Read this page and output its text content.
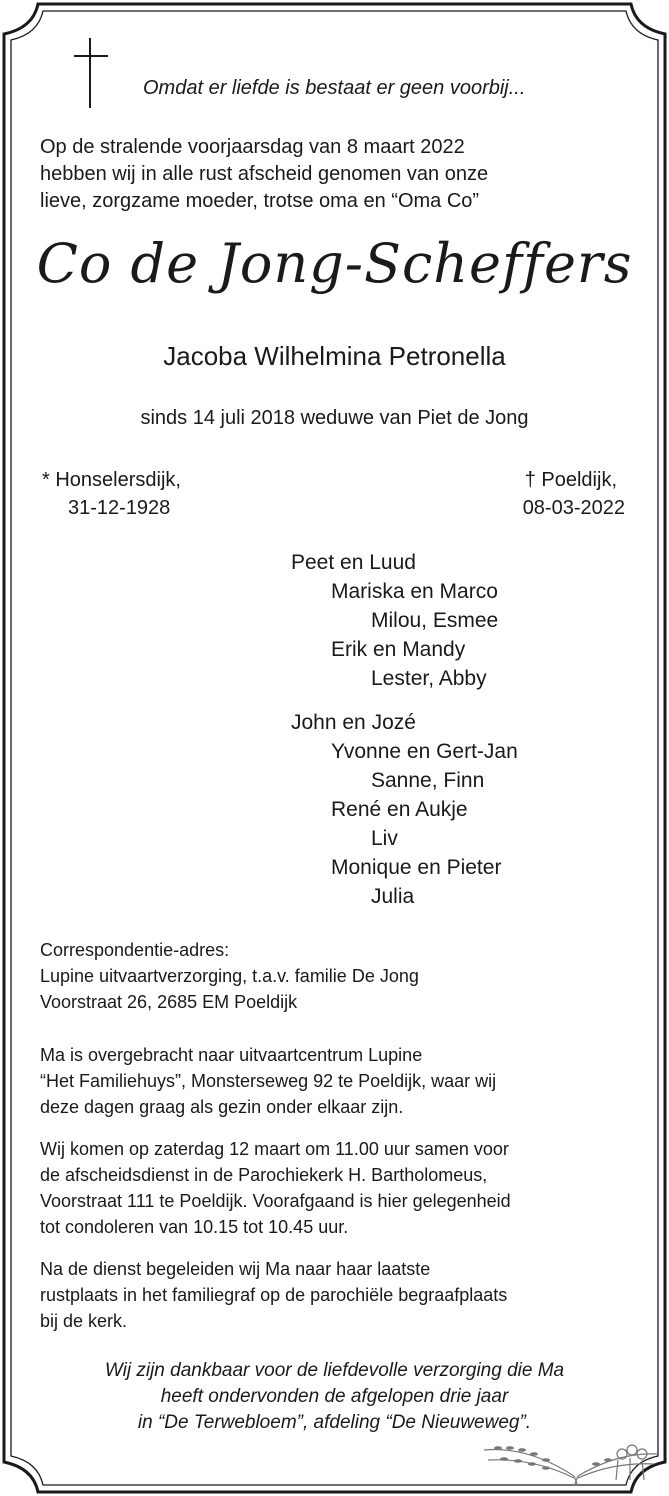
Omdat er liefde is bestaat er geen voorbij...
Op de stralende voorjaarsdag van 8 maart 2022
hebben wij in alle rust afscheid genomen van onze
lieve, zorgzame moeder, trotse oma en “Oma Co”
Co de Jong-Scheffers
Jacoba Wilhelmina Petronella
sinds 14 juli 2018 weduwe van Piet de Jong
* Honselersdijk,
31-12-1928
† Poeldijk,
08-03-2022
Peet en Luud
Mariska en Marco
Milou, Esmee
Erik en Mandy
Lester, Abby
John en Jozé
Yvonne en Gert-Jan
Sanne, Finn
René en Aukje
Liv
Monique en Pieter
Julia
Correspondentie-adres:
Lupine uitvaartverzorging, t.a.v. familie De Jong
Voorstraat 26, 2685 EM Poeldijk
Ma is overgebracht naar uitvaartcentrum Lupine
“Het Familiehuys”, Monsterseweg 92 te Poeldijk, waar wij
deze dagen graag als gezin onder elkaar zijn.
Wij komen op zaterdag 12 maart om 11.00 uur samen voor
de afscheidsdienst in de Parochiekerk H. Bartholomeus,
Voorstraat 111 te Poeldijk. Voorafgaand is hier gelegenheid
tot condoleren van 10.15 tot 10.45 uur.
Na de dienst begeleiden wij Ma naar haar laatste
rustplaats in het familiegraf op de parochiële begraafplaats
bij de kerk.
Wij zijn dankbaar voor de liefdevolle verzorging die Ma
heeft ondervonden de afgelopen drie jaar
in “De Terwebloem”, afdeling “De Nieuweweg”.
